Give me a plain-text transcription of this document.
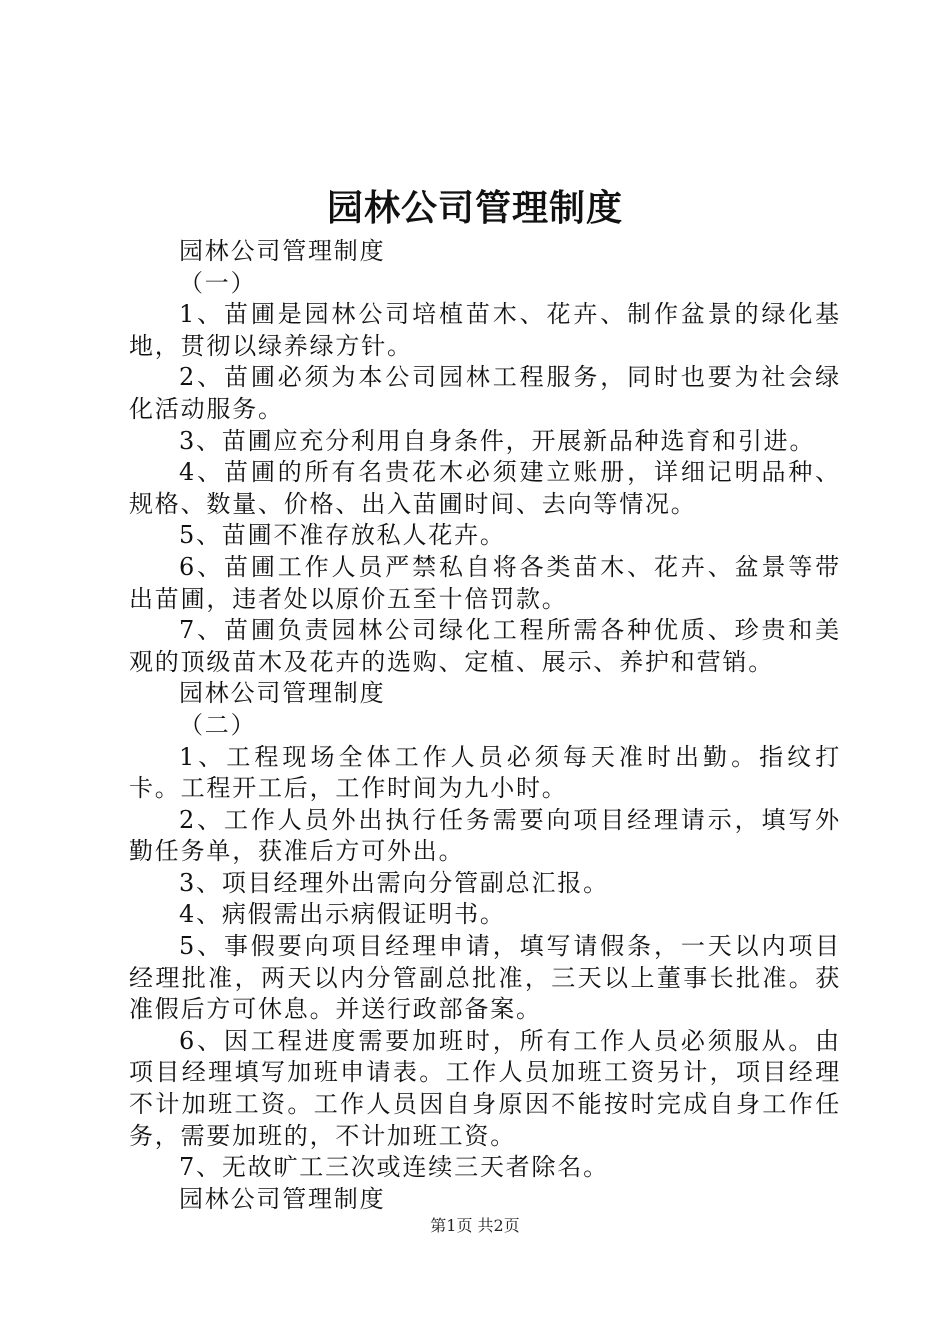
园林公司管理制度

园林公司管理制度

（一）

1、苗圃是园林公司培植苗木、花卉、制作盆景的绿化基地，贯彻以绿养绿方针。

2、苗圃必须为本公司园林工程服务，同时也要为社会绿化活动服务。

3、苗圃应充分利用自身条件，开展新品种选育和引进。

4、苗圃的所有名贵花木必须建立账册，详细记明品种、规格、数量、价格、出入苗圃时间、去向等情况。

5、苗圃不准存放私人花卉。

6、苗圃工作人员严禁私自将各类苗木、花卉、盆景等带出苗圃，违者处以原价五至十倍罚款。

7、苗圃负责园林公司绿化工程所需各种优质、珍贵和美观的顶级苗木及花卉的选购、定植、展示、养护和营销。

园林公司管理制度

（二）

1、工程现场全体工作人员必须每天准时出勤。指纹打卡。工程开工后，工作时间为九小时。

2、工作人员外出执行任务需要向项目经理请示，填写外勤任务单，获准后方可外出。

3、项目经理外出需向分管副总汇报。

4、病假需出示病假证明书。

5、事假要向项目经理申请，填写请假条，一天以内项目经理批准，两天以内分管副总批准，三天以上董事长批准。获准假后方可休息。并送行政部备案。

6、因工程进度需要加班时，所有工作人员必须服从。由项目经理填写加班申请表。工作人员加班工资另计，项目经理不计加班工资。工作人员因自身原因不能按时完成自身工作任务，需要加班的，不计加班工资。

7、无故旷工三次或连续三天者除名。

园林公司管理制度

第1页 共2页
